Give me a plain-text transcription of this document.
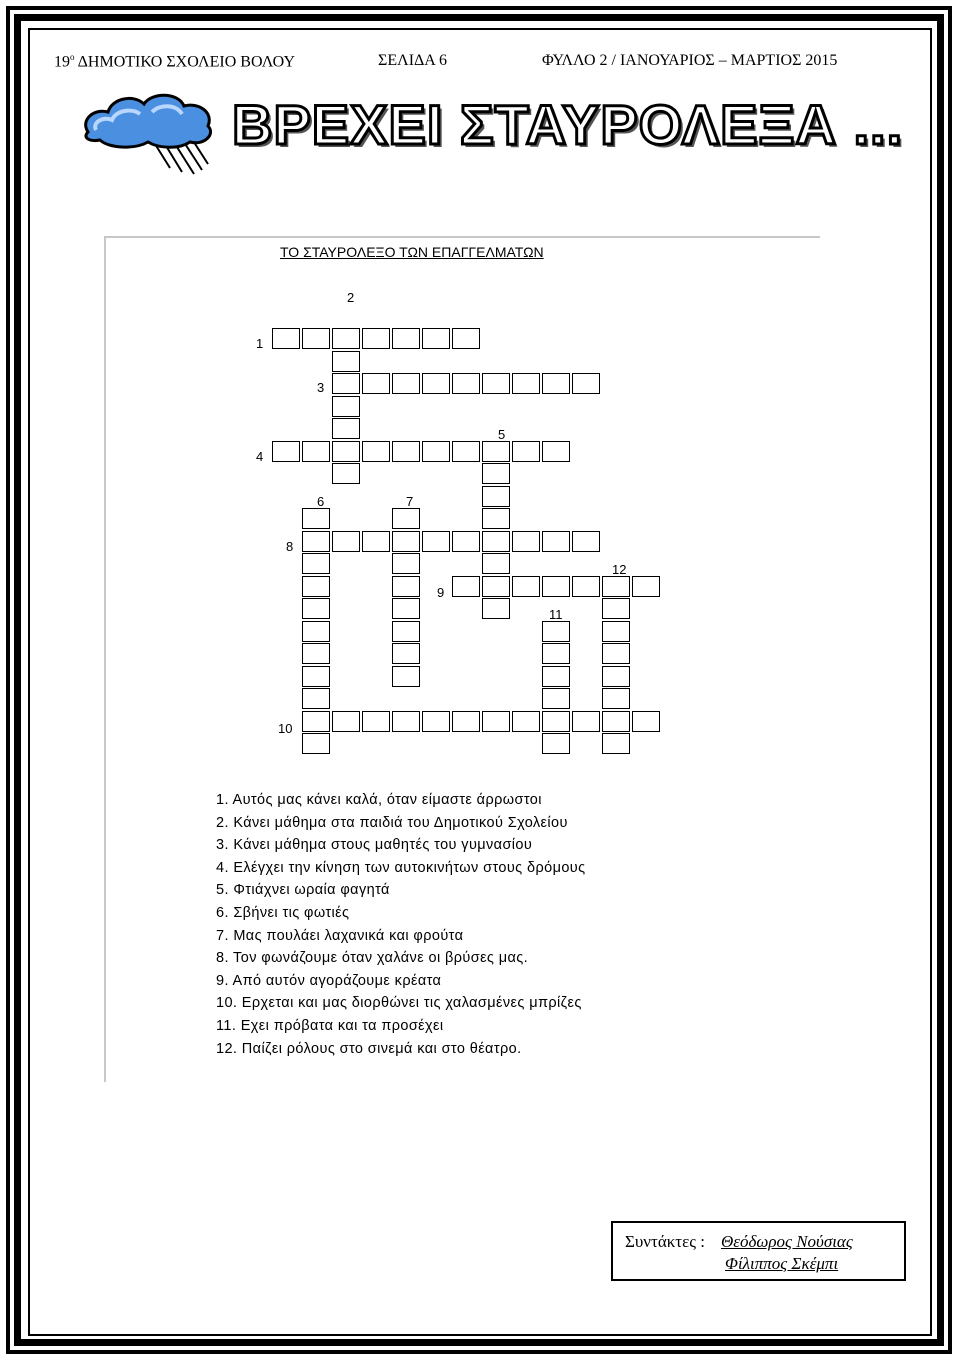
$19^o$ ΔΗΜΟΤΙΚΟ ΣΧΟΛΕΙΟ ΒΟΛΟΥ	ΣΕΛΙΔΑ 6	ΦΥΛΛΟ 2 / ΙΑΝΟΥΑΡΙΟΣ – ΜΑΡΤΙΟΣ 2015
ΒΡΕΧΕΙ ΣΤΑΥΡΟΛΕΞΑ ...
ΤΟ ΣΤΑΥΡΟΛΕΞΟ ΤΩΝ ΕΠΑΓΓΕΛΜΑΤΩΝ
1
2
3
4
5
6	7
8
9
10
11
12
1. Αυτός μας κάνει καλά, όταν είμαστε άρρωστοι
2. Κάνει μάθημα στα παιδιά του Δημοτικού Σχολείου
3. Κάνει μάθημα στους μαθητές του γυμνασίου
4. Ελέγχει την κίνηση των αυτοκινήτων στους δρόμους
5. Φτιάχνει ωραία φαγητά
6. Σβήνει τις φωτιές
7. Μας πουλάει λαχανικά και φρούτα
8. Τον φωνάζουμε όταν χαλάνε οι βρύσες μας.
9. Από αυτόν αγοράζουμε κρέατα
10. Ερχεται και μας διορθώνει τις χαλασμένες μπρίζες
11. Εχει πρόβατα και τα προσέχει
12. Παίζει ρόλους στο σινεμά και στο θέατρο.
Συντάκτες : Θεόδωρος Νούσιας
Φίλιππος Σκέμπι
